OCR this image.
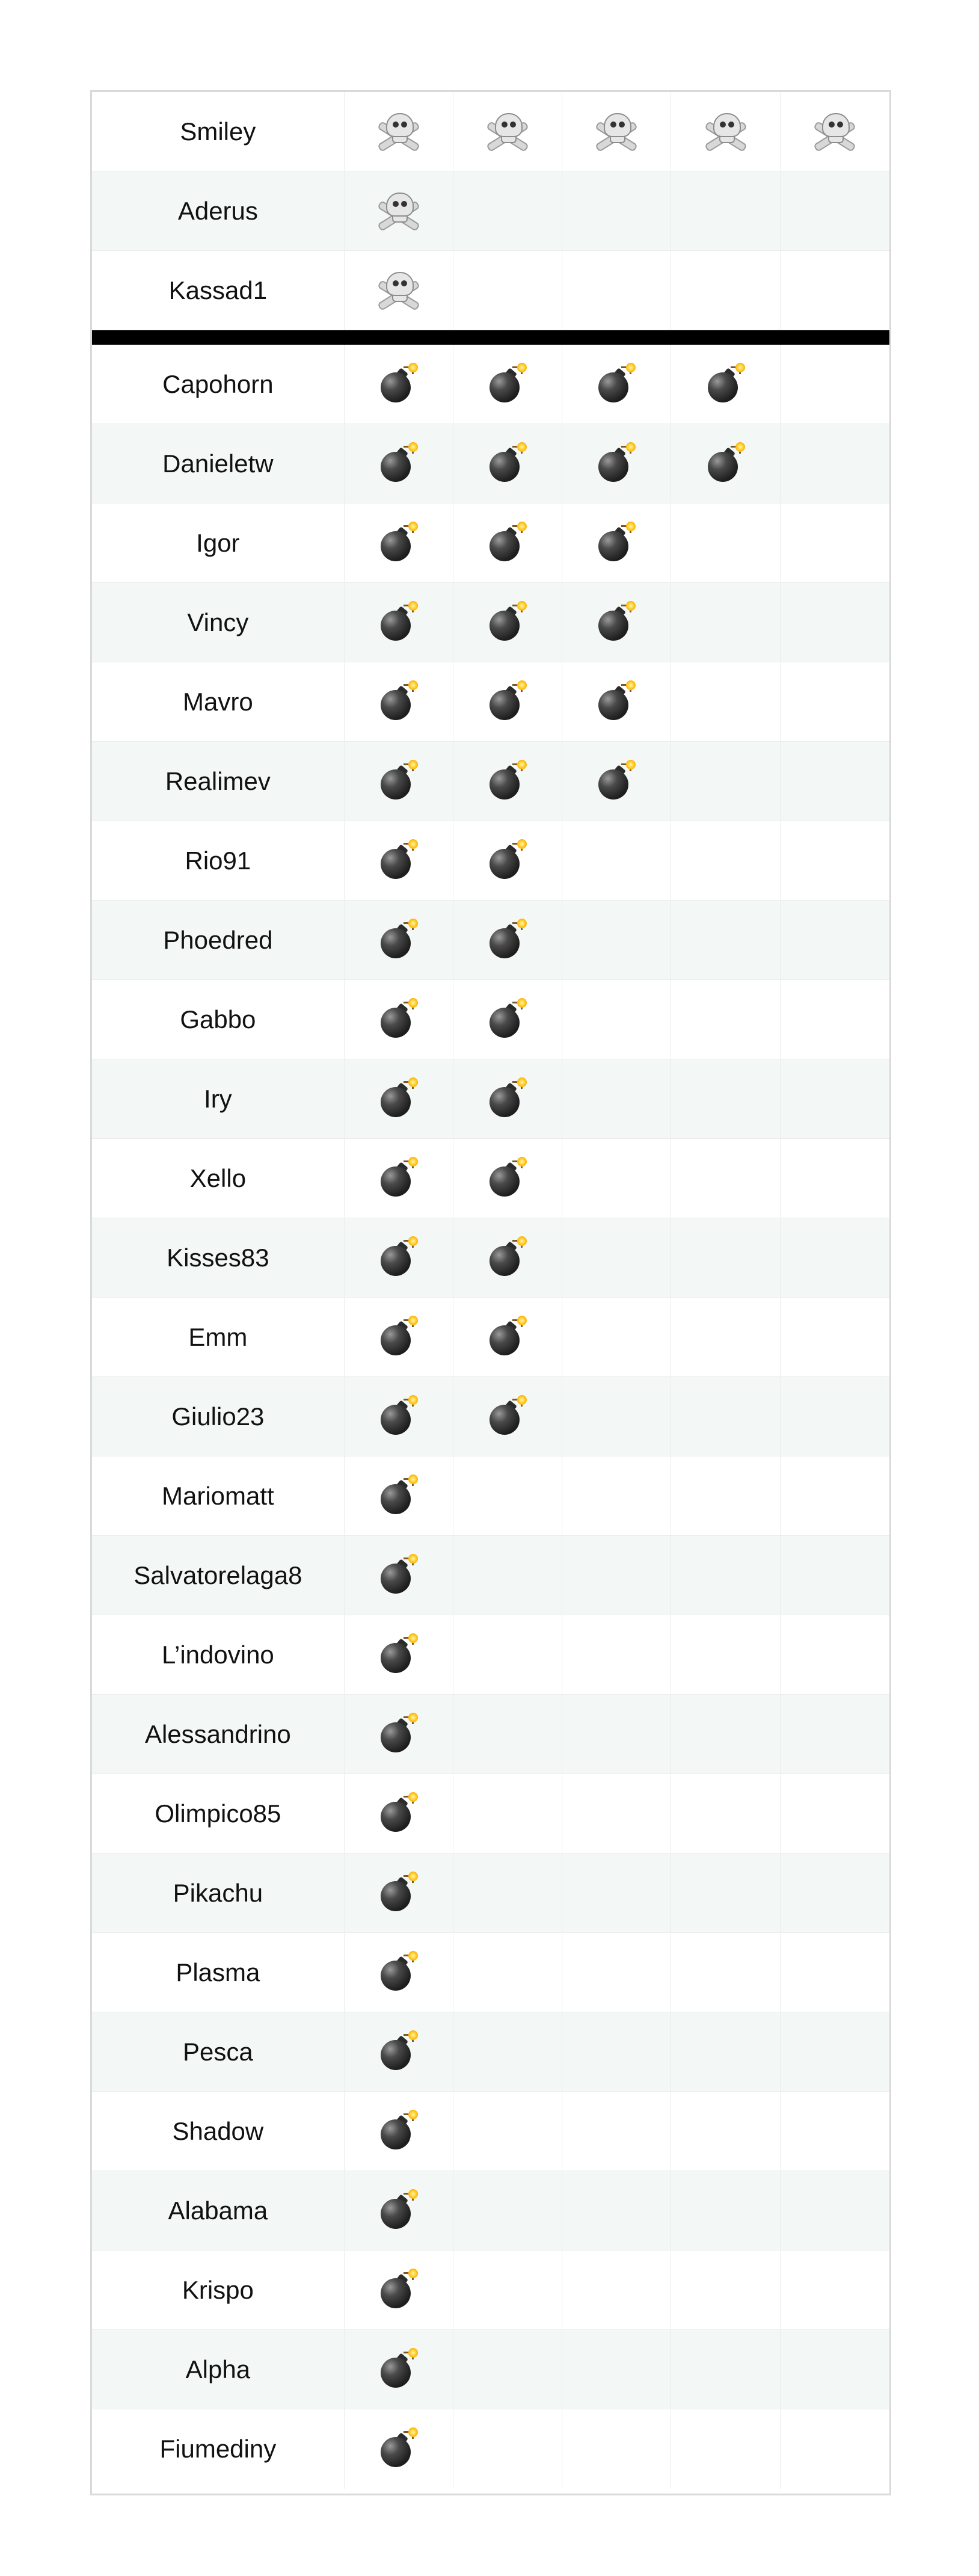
Smiley
Aderus
Kassad1
Capohorn
Danieletw
Igor
Vincy
Mavro
Realimev
Rio91
Phoedred
Gabbo
Iry
Xello
Kisses83
Emm
Giulio23
Mariomatt
Salvatorelaga8
L’indovino
Alessandrino
Olimpico85
Pikachu
Plasma
Pesca
Shadow
Alabama
Krispo
Alpha
Fiumediny
